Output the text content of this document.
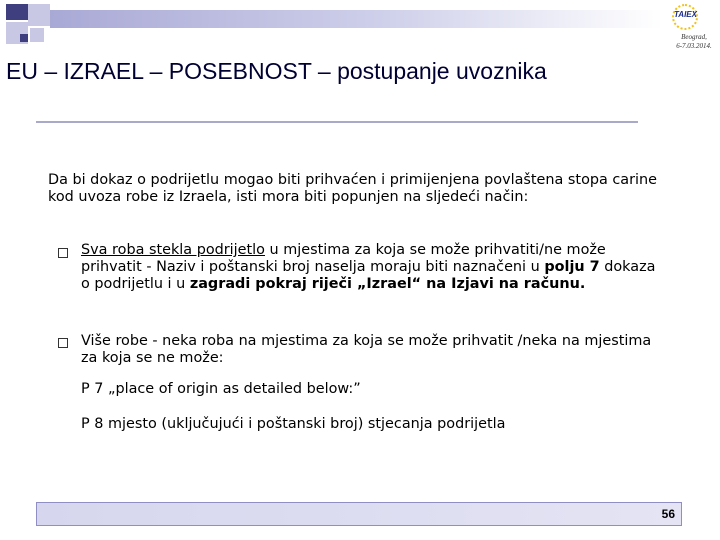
TAIEX
Beograd,
6-7.03.2014.
EU – IZRAEL – POSEBNOST – postupanje uvoznika
Da bi dokaz o podrijetlu mogao biti prihvaćen i primijenjena povlaštena stopa carine kod uvoza robe iz Izraela, isti mora biti popunjen na sljedeći način:
Sva roba stekla podrijetlo u mjestima za koja se može prihvatiti/ne može prihvatit - Naziv i poštanski broj naselja moraju biti naznačeni u polju 7 dokaza o podrijetlu i u zagradi pokraj riječi „Izrael“ na Izjavi na računu.
Više robe - neka roba na mjestima za koja se može prihvatit /neka na mjestima za koja se ne može:
P 7 „place of origin as detailed below:”
P 8 mjesto (uključujući i poštanski broj) stjecanja podrijetla
56
